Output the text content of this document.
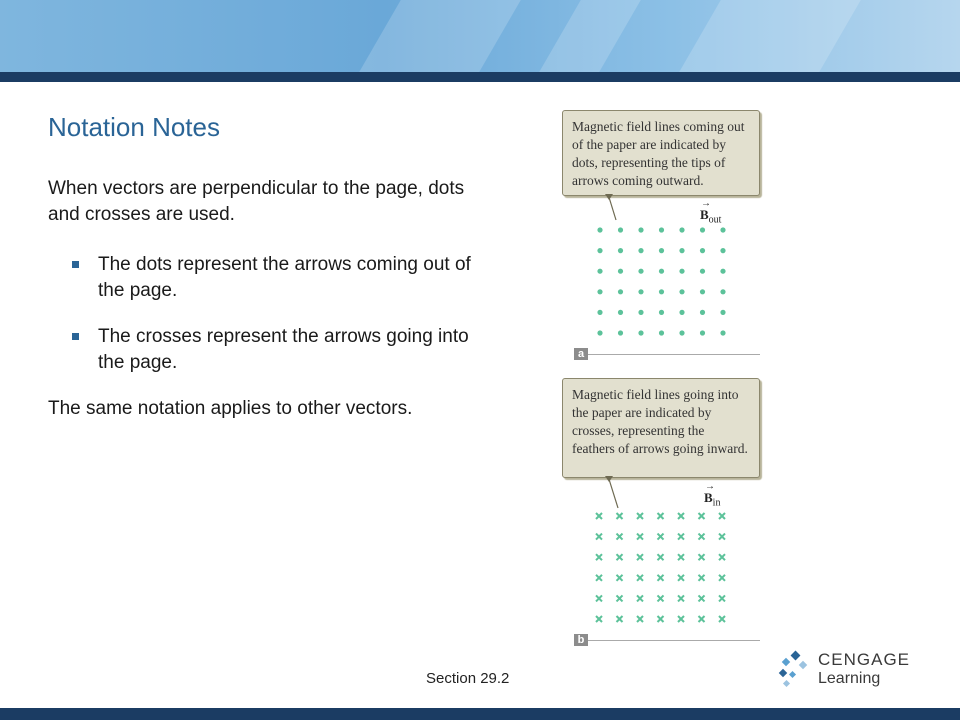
Notation Notes

When vectors are perpendicular to the page, dots and crosses are used.

The dots represent the arrows coming out of the page.
The crosses represent the arrows going into the page.

The same notation applies to other vectors.

Magnetic field lines coming out of the paper are indicated by dots, representing the tips of arrows coming outward.
→
$B_{out}$
a
Magnetic field lines going into the paper are indicated by crosses, representing the feathers of arrows going inward.
→
$B_{in}$
b
Section 29.2
CENGAGE
Learning
